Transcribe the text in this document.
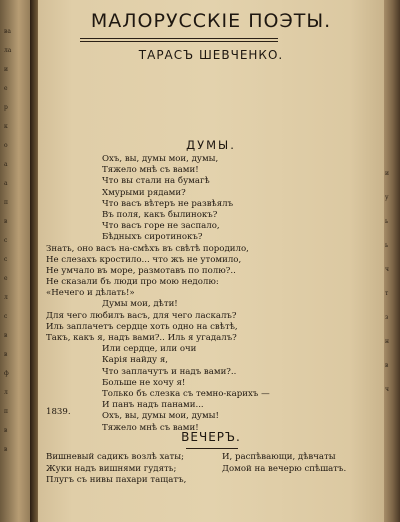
ва
ла
и
е
р
к
о
а
а
п
в
с
с
е
л
с
в
в
ф
л
п
в
в
и
у
ь
ь
ч
т
з
н
в
ч
МАЛОРУССКІЕ ПОЭТЫ.
ТАРАСЪ ШЕВЧЕНКО.
ДУМЫ.
Охъ, вы, думы мои, думы,
Тяжело мнѣ съ вами!
Что вы стали на бумагѣ
Хмурыми рядами?
Что васъ вѣтеръ не развѣялъ
Въ поля, какъ былинокъ?
Что васъ горе не заспало,
Бѣдныхъ сиротинокъ?
Знать, оно васъ на-смѣхъ въ свѣтѣ породило,
Не слезахъ кростило... что жъ не утомило,
Не умчало въ море, размотавъ по полю?..
Не сказали бъ люди про мою недолю:
«Нечего и дѣлать!»
Думы мои, дѣти!
Для чего любилъ васъ, для чего ласкалъ?
Иль заплачетъ сердце хоть одно на свѣтѣ,
Такъ, какъ я, надъ вами?.. Иль я угадалъ?
Или сердце, или очи
Карія найду я,
Что заплачутъ и надъ вами?..
Больше не хочу я!
Только бъ слезка съ темно-карихъ —
И панъ надъ панами...
Охъ, вы, думы мои, думы!
Тяжело мнѣ съ вами!
1839.
ВЕЧЕРЪ.
Вишневый садикъ возлѣ хаты;	И, распѣвающи, дѣвчаты
Жуки надъ вишнями гудять;	Домой на вечерю спѣшатъ.
Плугъ съ нивы пахари тащатъ,
